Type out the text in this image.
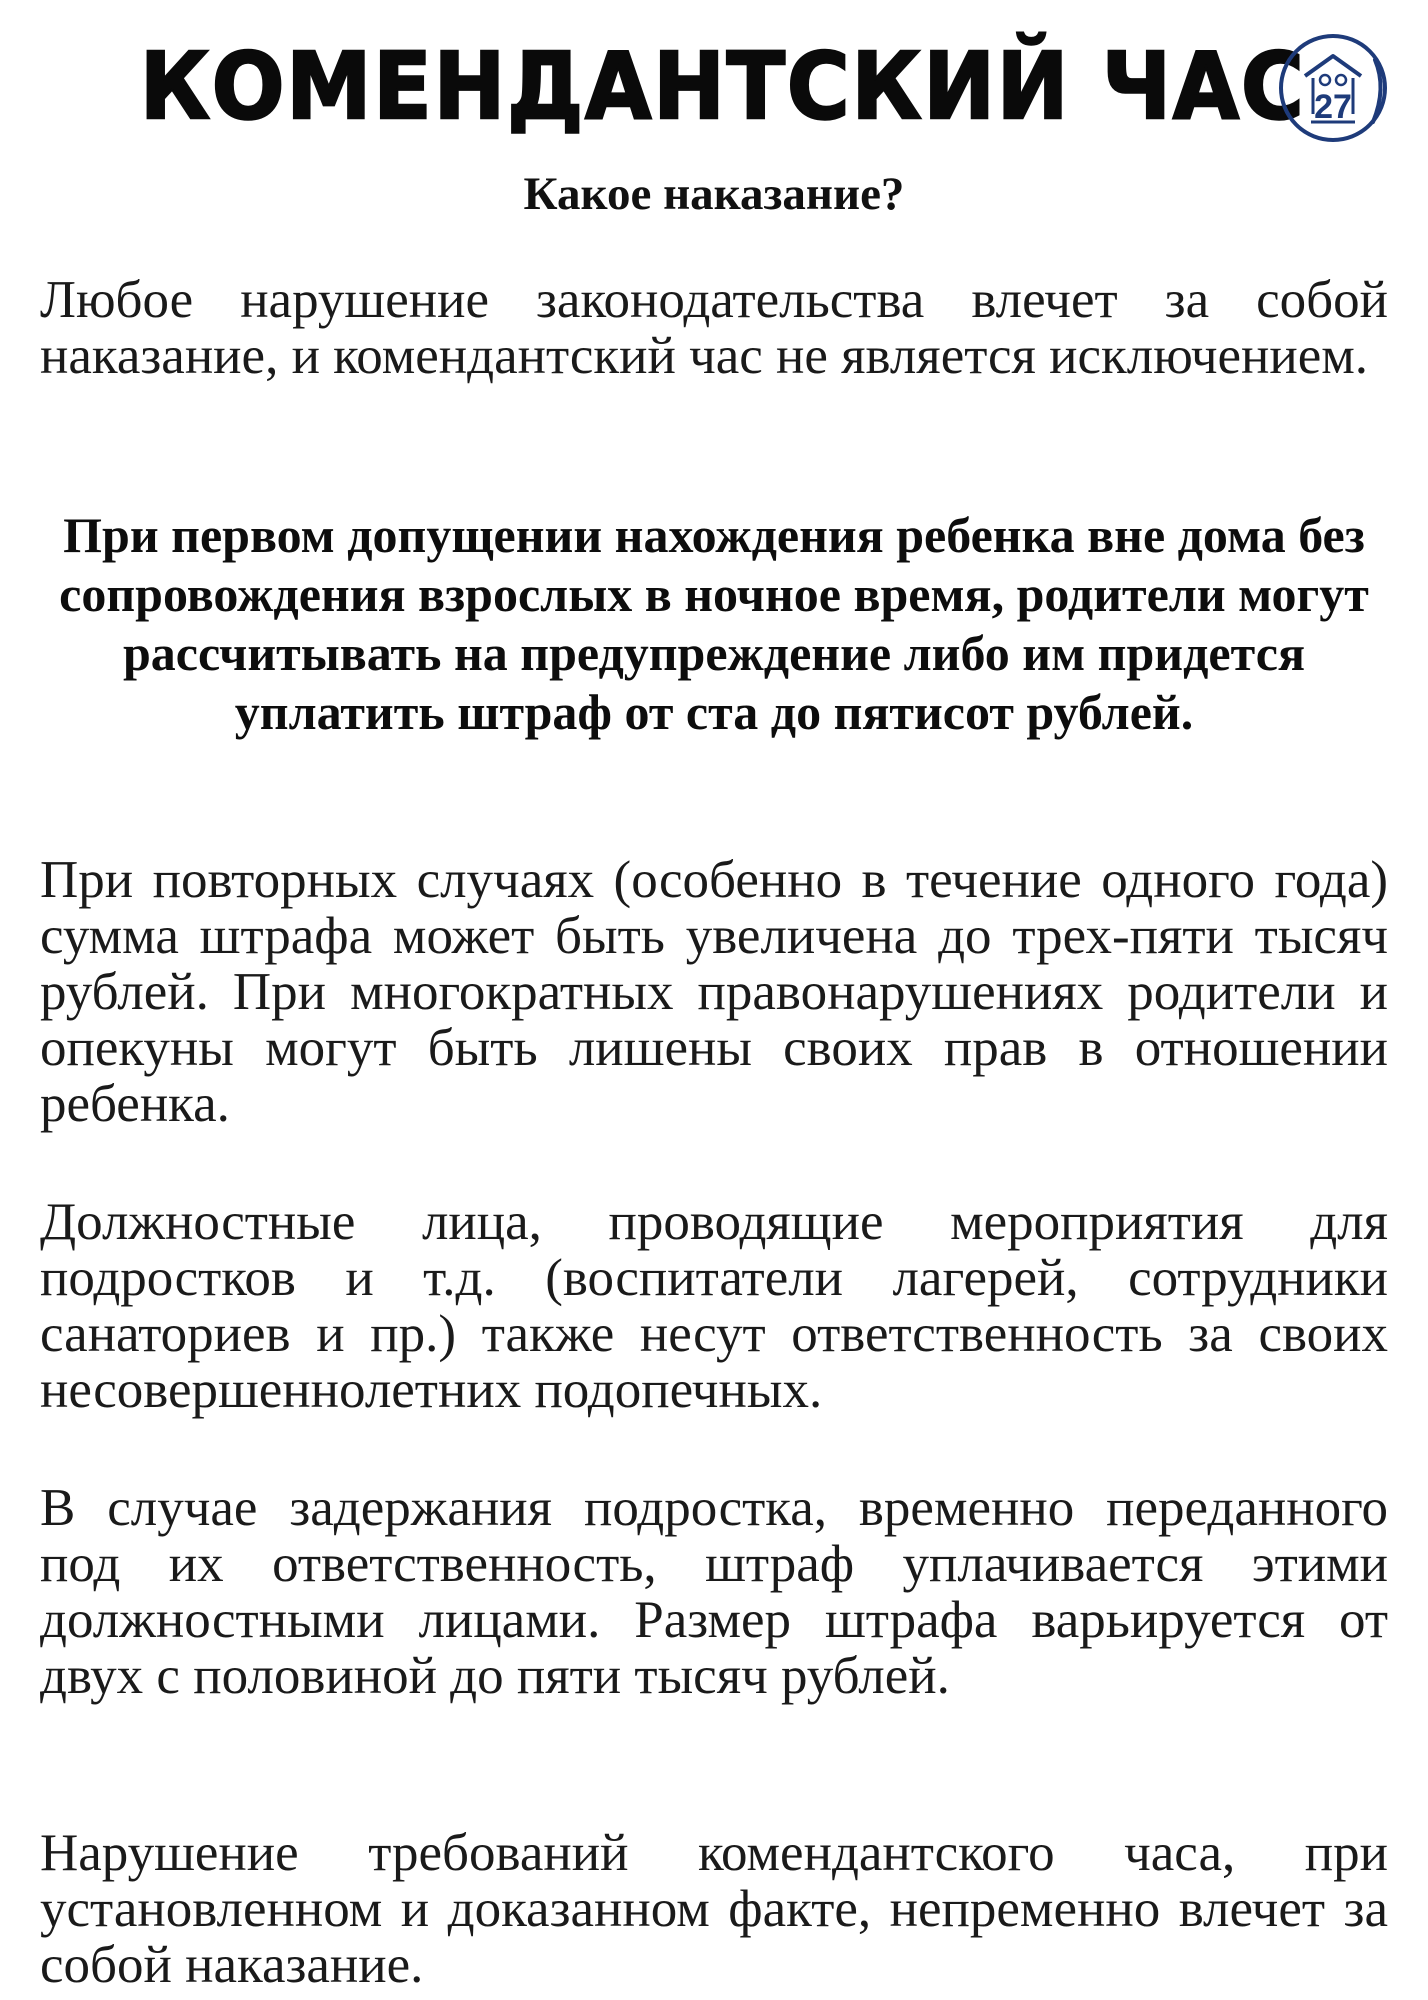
КОМЕНДАНТСКИЙ ЧАС 27
Какое наказание?

Любое нарушение законодательства влечет за собой наказание, и комендантский час не является исключением.

При первом допущении нахождения ребенка вне дома без сопровождения взрослых в ночное время, родители могут рассчитывать на предупреждение либо им придется уплатить штраф от ста до пятисот рублей.

При повторных случаях (особенно в течение одного года) сумма штрафа может быть увеличена до трех-пяти тысяч рублей. При многократных правонарушениях родители и опекуны могут быть лишены своих прав в отношении ребенка.

Должностные лица, проводящие мероприятия для подростков и т.д. (воспитатели лагерей, сотрудники санаториев и пр.) также несут ответственность за своих несовершеннолетних подопечных.

В случае задержания подростка, временно переданного под их ответственность, штраф уплачивается этими должностными лицами. Размер штрафа варьируется от двух с половиной до пяти тысяч рублей.

Нарушение требований комендантского часа, при установленном и доказанном факте, непременно влечет за собой наказание.
